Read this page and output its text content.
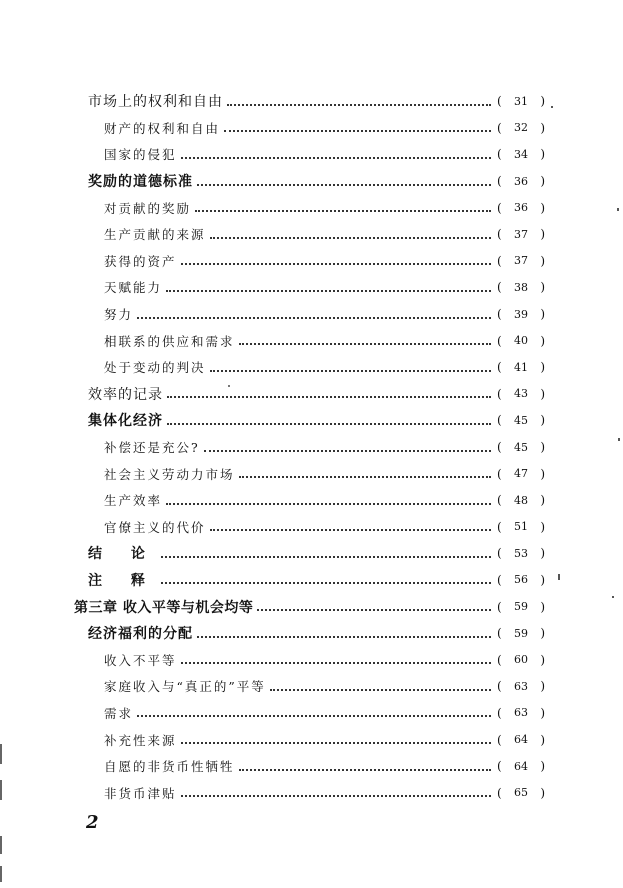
市场上的权利和自由	( 31 )
财产的权利和自由	( 32 )
国家的侵犯	( 34 )
奖励的道德标准	( 36 )
对贡献的奖励	( 36 )
生产贡献的来源	( 37 )
获得的资产	( 37 )
天赋能力	( 38 )
努力	( 39 )
相联系的供应和需求	( 40 )
处于变动的判决	( 41 )
效率的记录	( 43 )
集体化经济	( 45 )
补偿还是充公?	( 45 )
社会主义劳动力市场	( 47 )
生产效率	( 48 )
官僚主义的代价	( 51 )
结 论	( 53 )
注 释	( 56 )
第三章 收入平等与机会均等	( 59 )
经济福利的分配	( 59 )
收入不平等	( 60 )
家庭收入与“真正的”平等	( 63 )
需求	( 63 )
补充性来源	( 64 )
自愿的非货币性牺牲	( 64 )
非货币津贴	( 65 )
2
